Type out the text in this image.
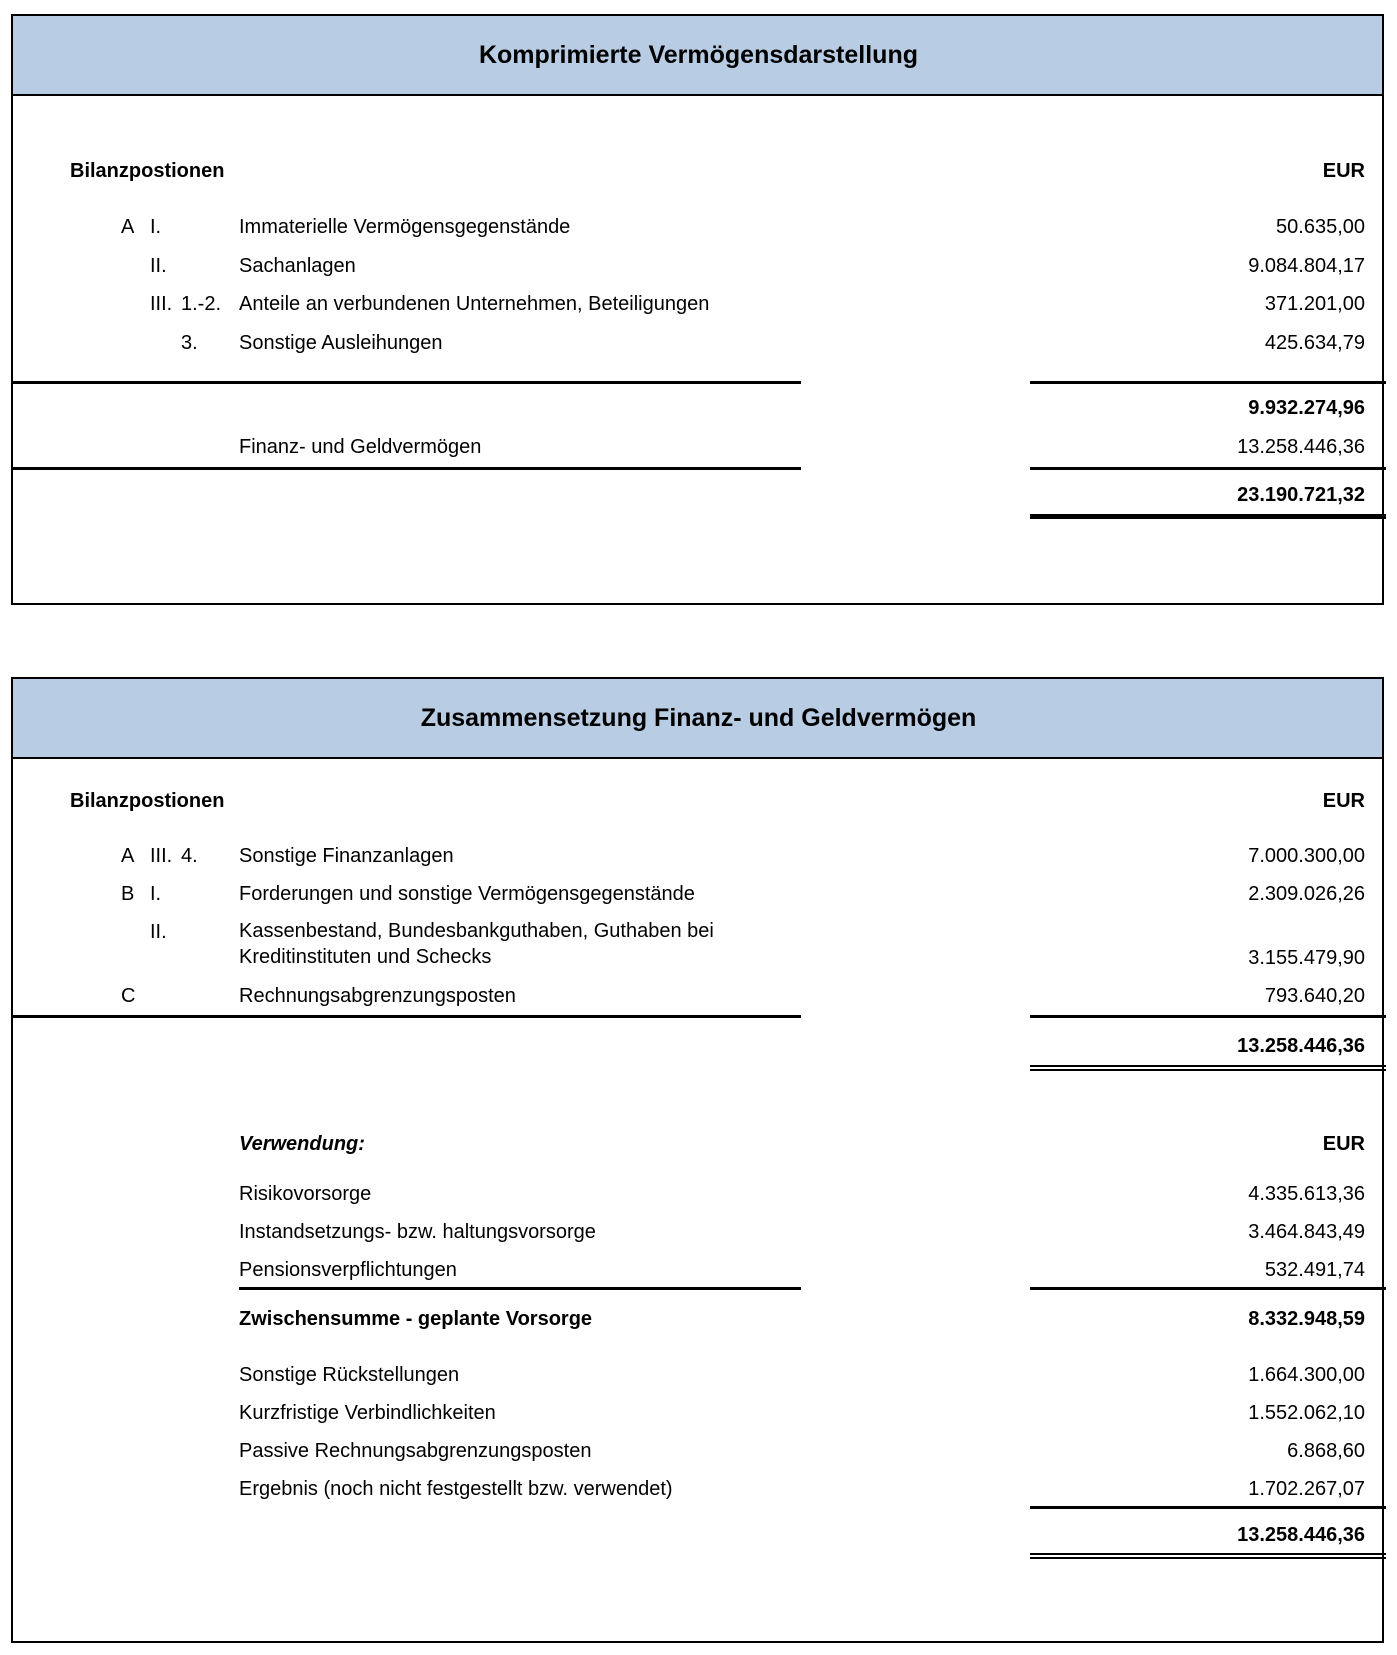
Komprimierte Vermögensdarstellung
Bilanzpostionen	EUR
A I.	Immaterielle Vermögensgegenstände	50.635,00
II.	Sachanlagen	9.084.804,17
III. 1.-2. Anteile an verbundenen Unternehmen, Beteiligungen	371.201,00
3. Sonstige Ausleihungen	425.634,79
9.932.274,96
Finanz- und Geldvermögen	13.258.446,36
23.190.721,32
Zusammensetzung Finanz- und Geldvermögen
Bilanzpostionen	EUR
A III. 4. Sonstige Finanzanlagen	7.000.300,00
B I.	Forderungen und sonstige Vermögensgegenstände	2.309.026,26
II.	Kassenbestand, Bundesbankguthaben, Guthaben bei Kreditinstituten und Schecks	3.155.479,90
C	Rechnungsabgrenzungsposten	793.640,20
13.258.446,36
Verwendung:	EUR
Risikovorsorge	4.335.613,36
Instandsetzungs- bzw. haltungsvorsorge	3.464.843,49
Pensionsverpflichtungen	532.491,74
Zwischensumme - geplante Vorsorge	8.332.948,59
Sonstige Rückstellungen	1.664.300,00
Kurzfristige Verbindlichkeiten	1.552.062,10
Passive Rechnungsabgrenzungsposten	6.868,60
Ergebnis (noch nicht festgestellt bzw. verwendet)	1.702.267,07
13.258.446,36
